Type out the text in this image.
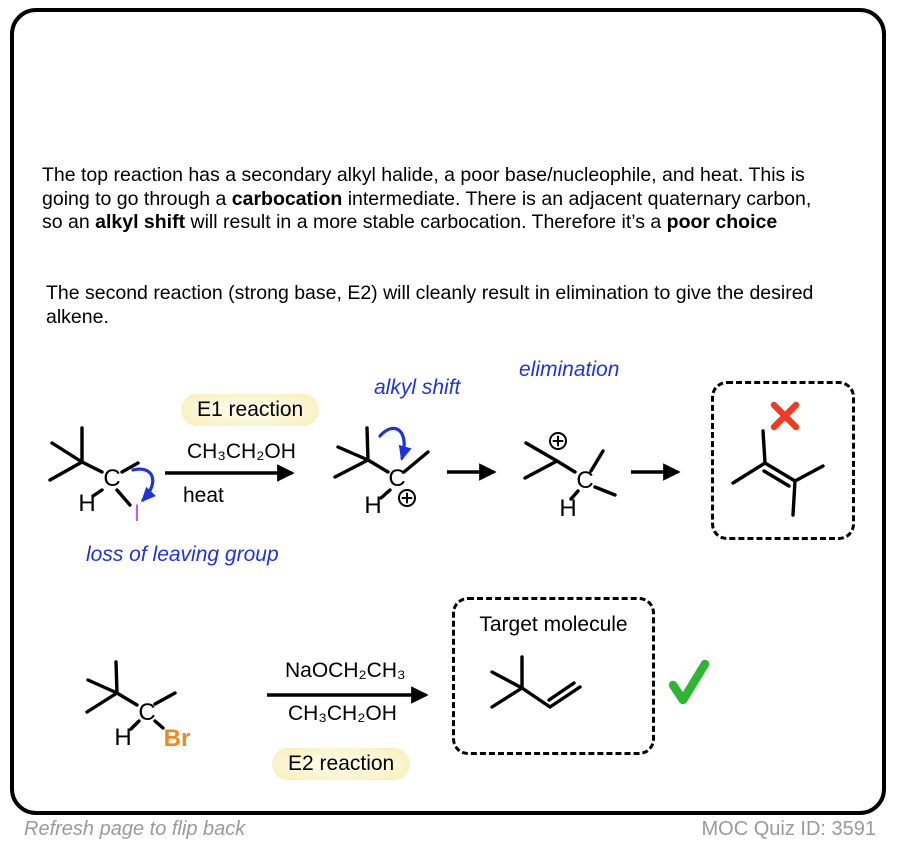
The top reaction has a secondary alkyl halide, a poor base/nucleophile, and heat. This is going to go through a carbocation intermediate. There is an adjacent quaternary carbon, so an alkyl shift will result in a more stable carbocation. Therefore it’s a poor choice

The second reaction (strong base, E2) will cleanly result in elimination to give the desired alkene.

alkyl shift
elimination
E1 reaction
CH₃CH₂OH
heat
C
H I
loss of leaving group
C
H
C
H
C
H Br
NaOCH₂CH₃
CH₃CH₂OH
E2 reaction
Target molecule
Refresh page to flip back	MOC Quiz ID: 3591
